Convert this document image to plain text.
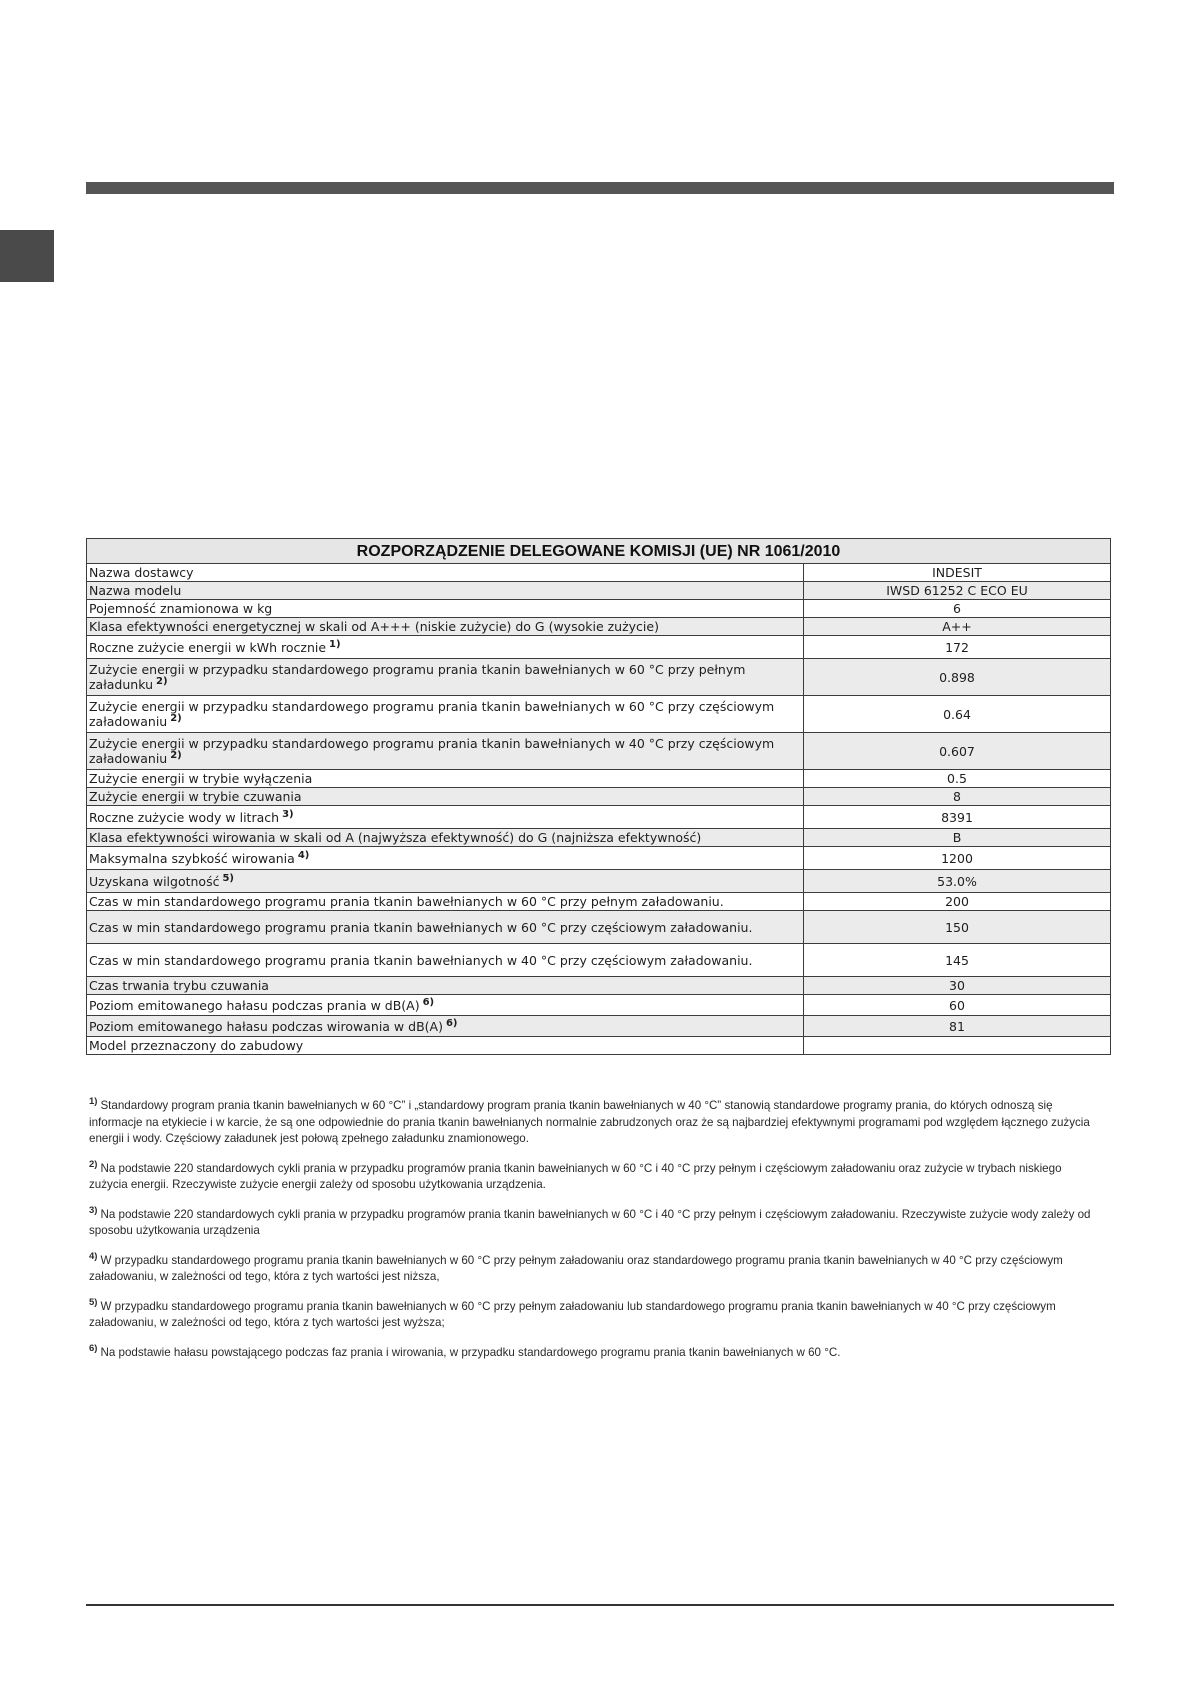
ROZPORZĄDZENIE DELEGOWANE KOMISJI (UE) NR 1061/2010	
Nazwa dostawcy	INDESIT
Nazwa modelu	IWSD 61252 C ECO EU
Pojemność znamionowa w kg	6
Klasa efektywności energetycznej w skali od A+++ (niskie zużycie) do G (wysokie zużycie)	A++
Roczne zużycie energii w kWh rocznie $^{1)}$	172
Zużycie energii w przypadku standardowego programu prania tkanin bawełnianych w 60 °C przy pełnym załadunku $^{2)}$	0.898
Zużycie energii w przypadku standardowego programu prania tkanin bawełnianych w 60 °C przy częściowym załadowaniu $^{2)}$	0.64
Zużycie energii w przypadku standardowego programu prania tkanin bawełnianych w 40 °C przy częściowym załadowaniu $^{2)}$	0.607
Zużycie energii w trybie wyłączenia	0.5
Zużycie energii w trybie czuwania	8
Roczne zużycie wody w litrach $^{3)}$	8391
Klasa efektywności wirowania w skali od A (najwyższa efektywność) do G (najniższa efektywność)	B
Maksymalna szybkość wirowania $^{4)}$	1200
Uzyskana wilgotność $^{5)}$	53.0%
Czas w min standardowego programu prania tkanin bawełnianych w 60 °C przy pełnym załadowaniu.	200
Czas w min standardowego programu prania tkanin bawełnianych w 60 °C przy częściowym załadowaniu.	150
Czas w min standardowego programu prania tkanin bawełnianych w 40 °C przy częściowym załadowaniu.	145
Czas trwania trybu czuwania	30
Poziom emitowanego hałasu podczas prania w dB(A) $^{6)}$	60
Poziom emitowanego hałasu podczas wirowania w dB(A) $^{6)}$	81
Model przeznaczony do zabudowy	

$^{1)}$ Standardowy program prania tkanin bawełnianych w 60 °C” i „standardowy program prania tkanin bawełnianych w 40 °C” stanowią standardowe programy prania, do których odnoszą się informacje na etykiecie i w karcie, że są one odpowiednie do prania tkanin bawełnianych normalnie zabrudzonych oraz że są najbardziej efektywnymi programami pod względem łącznego zużycia energii i wody. Częściowy załadunek jest połową zpełnego załadunku znamionowego.

$^{2)}$ Na podstawie 220 standardowych cykli prania w przypadku programów prania tkanin bawełnianych w 60 °C i 40 °C przy pełnym i częściowym załadowaniu oraz zużycie w trybach niskiego zużycia energii. Rzeczywiste zużycie energii zależy od sposobu użytkowania urządzenia.

$^{3)}$ Na podstawie 220 standardowych cykli prania w przypadku programów prania tkanin bawełnianych w 60 °C i 40 °C przy pełnym i częściowym załadowaniu. Rzeczywiste zużycie wody zależy od sposobu użytkowania urządzenia

$^{4)}$ W przypadku standardowego programu prania tkanin bawełnianych w 60 °C przy pełnym załadowaniu oraz standardowego programu prania tkanin bawełnianych w 40 °C przy częściowym załadowaniu, w zależności od tego, która z tych wartości jest niższa,

$^{5)}$ W przypadku standardowego programu prania tkanin bawełnianych w 60 °C przy pełnym załadowaniu lub standardowego programu prania tkanin bawełnianych w 40 °C przy częściowym załadowaniu, w zależności od tego, która z tych wartości jest wyższa;

$^{6)}$ Na podstawie hałasu powstającego podczas faz prania i wirowania, w przypadku standardowego programu prania tkanin bawełnianych w 60 °C.
